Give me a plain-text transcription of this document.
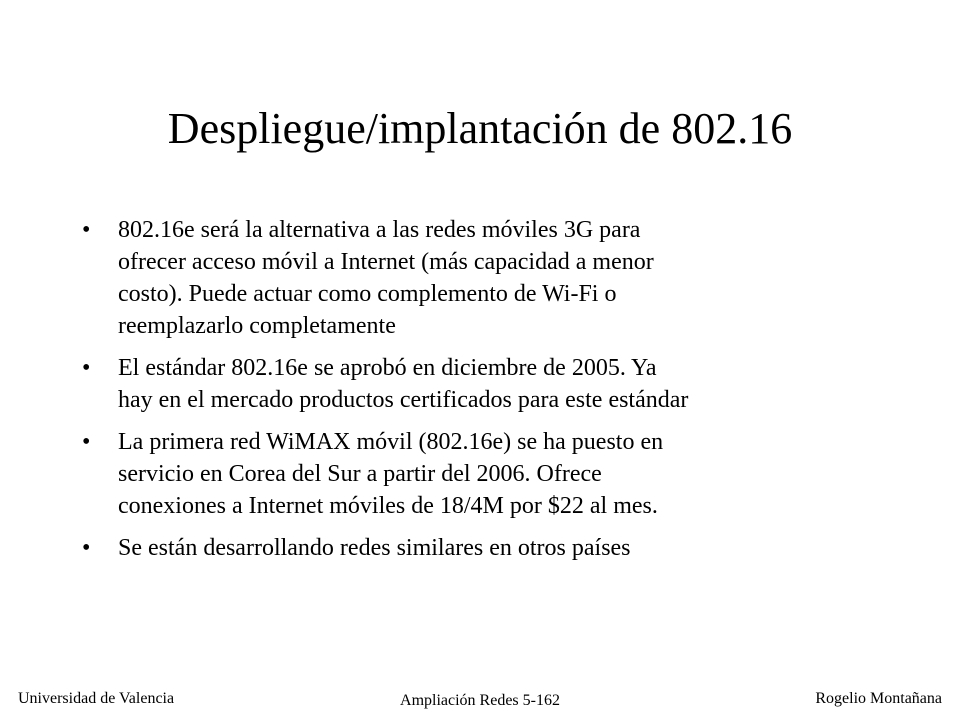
Despliegue/implantación de 802.16
•	802.16e será la alternativa a las redes móviles 3G para
ofrecer acceso móvil a Internet (más capacidad a menor
costo). Puede actuar como complemento de Wi-Fi o
reemplazarlo completamente
•	El estándar 802.16e se aprobó en diciembre de 2005. Ya
hay en el mercado productos certificados para este estándar
•	La primera red WiMAX móvil (802.16e) se ha puesto en
servicio en Corea del Sur a partir del 2006. Ofrece
conexiones a Internet móviles de 18/4M por $22 al mes.
•	Se están desarrollando redes similares en otros países
Universidad de Valencia	Ampliación Redes 5-162	Rogelio Montañana
